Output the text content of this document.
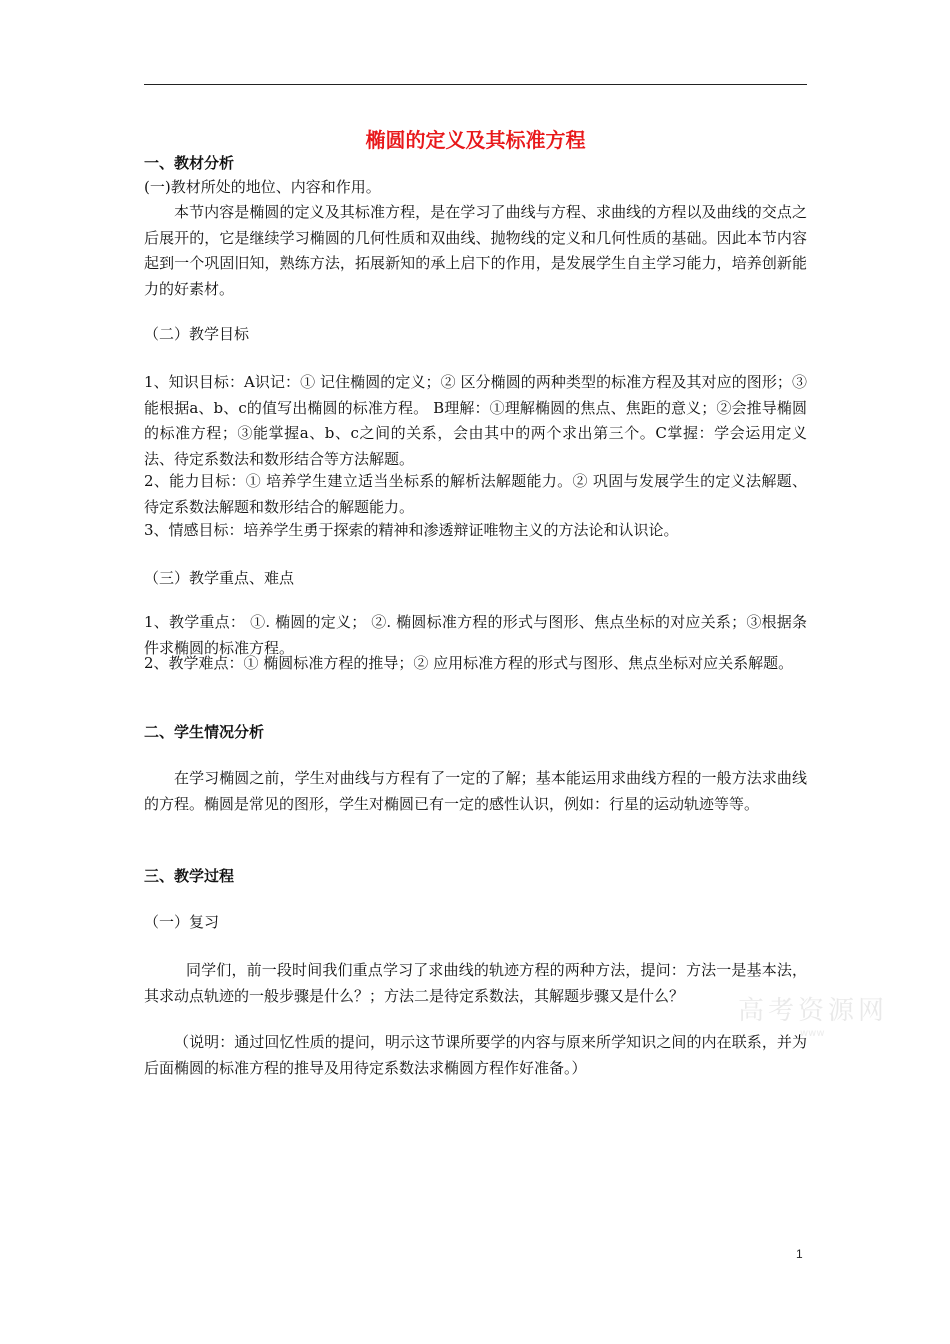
椭圆的定义及其标准方程
一、教材分析
(一)教材所处的地位、内容和作用。
本节内容是椭圆的定义及其标准方程，是在学习了曲线与方程、求曲线的方程以及曲线的交点之后展开的，它是继续学习椭圆的几何性质和双曲线、抛物线的定义和几何性质的基础。因此本节内容起到一个巩固旧知，熟练方法，拓展新知的承上启下的作用，是发展学生自主学习能力，培养创新能力的好素材。
（二）教学目标
1、知识目标：A识记：① 记住椭圆的定义；② 区分椭圆的两种类型的标准方程及其对应的图形；③能根据a、b、c的值写出椭圆的标准方程。 B理解：①理解椭圆的焦点、焦距的意义；②会推导椭圆的标准方程；③能掌握a、b、c之间的关系，会由其中的两个求出第三个。C掌握：学会运用定义法、待定系数法和数形结合等方法解题。
2、能力目标：① 培养学生建立适当坐标系的解析法解题能力。② 巩固与发展学生的定义法解题、待定系数法解题和数形结合的解题能力。
3、情感目标：培养学生勇于探索的精神和渗透辩证唯物主义的方法论和认识论。
（三）教学重点、难点
1、教学重点： ①. 椭圆的定义； ②. 椭圆标准方程的形式与图形、焦点坐标的对应关系；③根据条件求椭圆的标准方程。
2、教学难点：① 椭圆标准方程的推导；② 应用标准方程的形式与图形、焦点坐标对应关系解题。
二、学生情况分析
在学习椭圆之前，学生对曲线与方程有了一定的了解；基本能运用求曲线方程的一般方法求曲线的方程。椭圆是常见的图形，学生对椭圆已有一定的感性认识，例如：行星的运动轨迹等等。
三、教学过程
（一）复习
同学们，前一段时间我们重点学习了求曲线的轨迹方程的两种方法，提问：方法一是基本法，其求动点轨迹的一般步骤是什么？；方法二是待定系数法，其解题步骤又是什么？
（说明：通过回忆性质的提问，明示这节课所要学的内容与原来所学知识之间的内在联系，并为后面椭圆的标准方程的推导及用待定系数法求椭圆方程作好准备。）
高考资源网
www
1
